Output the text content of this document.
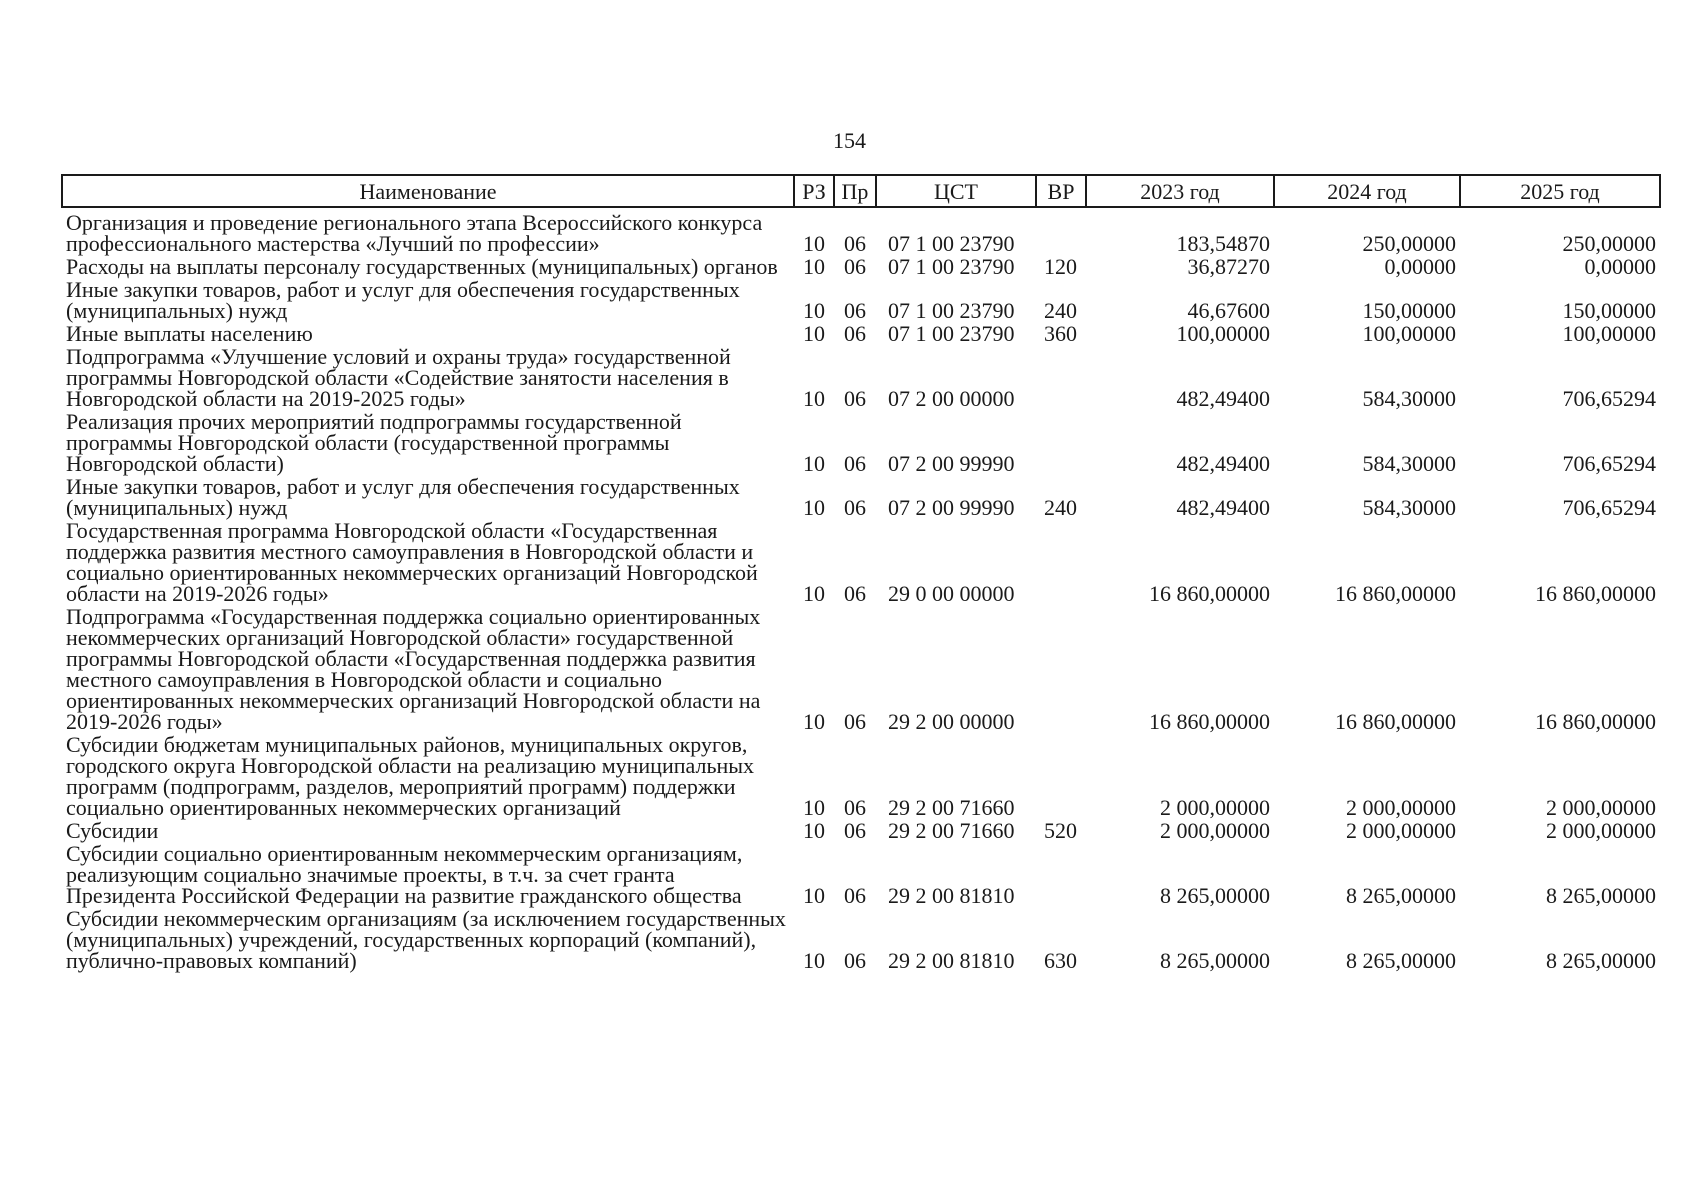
154
Наименование	РЗ	Пр	ЦСТ	ВР	2023 год	2024 год	2025 год
Организация и проведение регионального этапа Всероссийского конкурса профессионального мастерства «Лучший по профессии»	10	06	07 1 00 23790		183,54870	250,00000	250,00000
Расходы на выплаты персоналу государственных (муниципальных) органов	10	06	07 1 00 23790	120	36,87270	0,00000	0,00000
Иные закупки товаров, работ и услуг для обеспечения государственных (муниципальных) нужд	10	06	07 1 00 23790	240	46,67600	150,00000	150,00000
Иные выплаты населению	10	06	07 1 00 23790	360	100,00000	100,00000	100,00000
Подпрограмма «Улучшение условий и охраны труда» государственной программы Новгородской области «Содействие занятости населения в Новгородской области на 2019-2025 годы»	10	06	07 2 00 00000		482,49400	584,30000	706,65294
Реализация прочих мероприятий подпрограммы государственной программы Новгородской области (государственной программы Новгородской области)	10	06	07 2 00 99990		482,49400	584,30000	706,65294
Иные закупки товаров, работ и услуг для обеспечения государственных (муниципальных) нужд	10	06	07 2 00 99990	240	482,49400	584,30000	706,65294
Государственная программа Новгородской области «Государственная поддержка развития местного самоуправления в Новгородской области и социально ориентированных некоммерческих организаций Новгородской области на 2019-2026 годы»	10	06	29 0 00 00000		16 860,00000	16 860,00000	16 860,00000
Подпрограмма «Государственная поддержка социально ориентированных некоммерческих организаций Новгородской области» государственной программы Новгородской области «Государственная поддержка развития местного самоуправления в Новгородской области и социально ориентированных некоммерческих организаций Новгородской области на 2019-2026 годы»	10	06	29 2 00 00000		16 860,00000	16 860,00000	16 860,00000
Субсидии бюджетам муниципальных районов, муниципальных округов, городского округа Новгородской области на реализацию муниципальных программ (подпрограмм, разделов, мероприятий программ) поддержки социально ориентированных некоммерческих организаций	10	06	29 2 00 71660		2 000,00000	2 000,00000	2 000,00000
Субсидии	10	06	29 2 00 71660	520	2 000,00000	2 000,00000	2 000,00000
Субсидии социально ориентированным некоммерческим организациям, реализующим социально значимые проекты, в т.ч. за счет гранта Президента Российской Федерации на развитие гражданского общества	10	06	29 2 00 81810		8 265,00000	8 265,00000	8 265,00000
Субсидии некоммерческим организациям (за исключением государственных (муниципальных) учреждений, государственных корпораций (компаний), публично-правовых компаний)	10	06	29 2 00 81810	630	8 265,00000	8 265,00000	8 265,00000
